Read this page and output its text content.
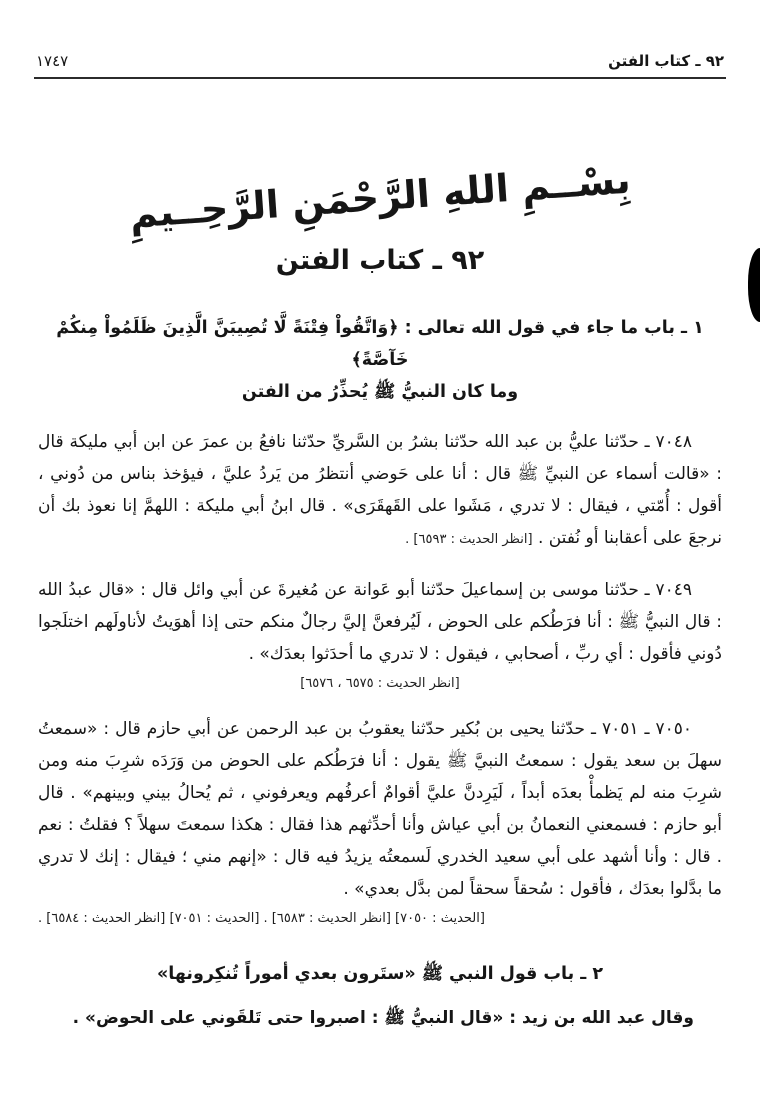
٩٢ ـ كتاب الفتن
١٧٤٧
بِسْــمِ اللهِ الرَّحْمَنِ الرَّحِــيمِ
٩٢ ـ كتاب الفتن
١ ـ باب ما جاء في قول الله تعالى : ﴿وَاتَّقُواْ فِتْنَةً لَّا تُصِيبَنَّ الَّذِينَ ظَلَمُواْ مِنكُمْ خَآصَّةً﴾
وما كان النبيُّ ﷺ يُحذِّرُ من الفتن

٧٠٤٨ ـ حدّثنا عليُّ بن عبد الله حدّثنا بشرُ بن السَّريِّ حدّثنا نافعُ بن عمرَ عن ابن أبي مليكة قال : «قالت أسماء عن النبيِّ ﷺ قال : أنا على حَوضي أنتظرُ من يَردُ عليَّ ، فيؤخذ بناس من دُوني ، أقول : أُمّتي ، فيقال : لا تدري ، مَشَوا على القَهقَرَى» . قال ابنُ أبي مليكة : اللهمَّ إنا نعوذ بك أن نرجعَ على أعقابنا أو نُفتن . [انظر الحديث : ٦٥٩٣] .

٧٠٤٩ ـ حدّثنا موسى بن إسماعيلَ حدّثنا أبو عَوانة عن مُغيرةَ عن أبي وائل قال : «قال عبدُ الله : قال النبيُّ ﷺ : أنا فرَطُكم على الحوض ، لَيُرفعنَّ إليَّ رجالٌ منكم حتى إذا أهوَيتُ لأناولَهم اختلَجوا دُوني فأقول : أي ربِّ ، أصحابي ، فيقول : لا تدري ما أحدَثوا بعدَك» .

[انظر الحديث : ٦٥٧٥ ، ٦٥٧٦]

٧٠٥٠ ـ ٧٠٥١ ـ حدّثنا يحيى بن بُكير حدّثنا يعقوبُ بن عبد الرحمن عن أبي حازم قال : «سمعتُ سهلَ بن سعد يقول : سمعتُ النبيَّ ﷺ يقول : أنا فرَطُكم على الحوض من وَرَدَه شرِبَ منه ومن شرِبَ منه لم يَظمأْ بعدَه أبداً ، لَيَرِدنَّ عليَّ أقوامٌ أعرفُهم ويعرفوني ، ثم يُحالُ بيني وبينهم» . قال أبو حازم : فسمعني النعمانُ بن أبي عياش وأنا أحدِّثهم هذا فقال : هكذا سمعتَ سهلاً ؟ فقلتُ : نعم . قال : وأنا أشهد على أبي سعيد الخدري لَسمعتُه يزيدُ فيه قال : «إنهم مني ؛ فيقال : إنك لا تدري ما بدَّلوا بعدَك ، فأقول : سُحقاً سحقاً لمن بدَّل بعدي» .

[الحديث : ٧٠٥٠] [انظر الحديث : ٦٥٨٣] . [الحديث : ٧٠٥١] [انظر الحديث : ٦٥٨٤] .
٢ ـ باب قول النبي ﷺ «ستَرون بعدي أموراً تُنكِرونها»

وقال عبد الله بن زيد : «قال النبيُّ ﷺ : اصبروا حتى تَلقَوني على الحوض» .
